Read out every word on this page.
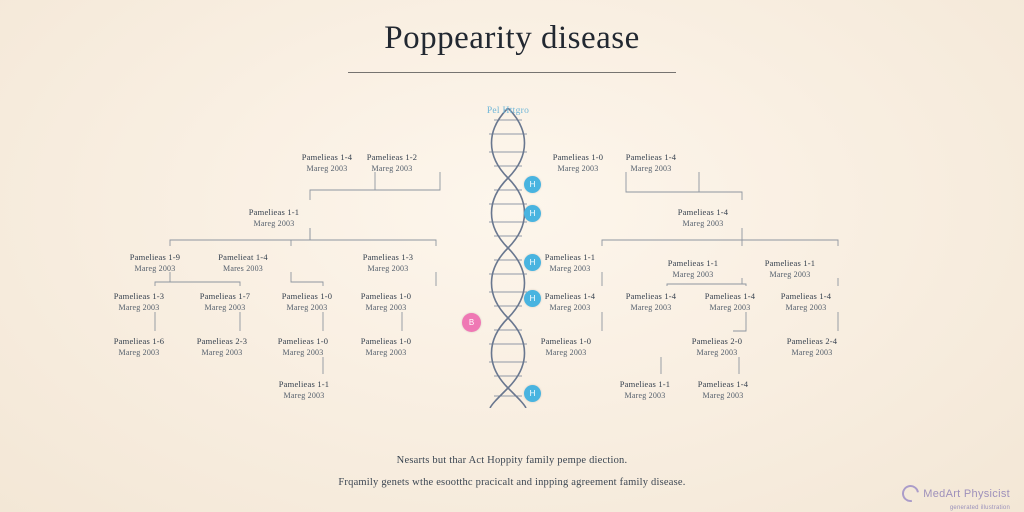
Poppearity disease
Pel Httgro
H
H
H
H
B
H
Pamelieas 1-4
Mareg 2003
Pamelieas 1-2
Mareg 2003
Pamelieas 1-0
Mareg 2003
Pamelieas 1-4
Mareg 2003
Pamelieas 1-1
Mareg 2003
Pamelieas 1-4
Mareg 2003
Pamelieas 1-9
Mareg 2003
Pamelieat 1-4
Mares 2003
Pamelieas 1-3
Mareg 2003
Pamelieas 1-1
Mareg 2003
Pamelieas 1-1
Mareg 2003
Pamelieas 1-1
Mareg 2003
Pamelieas 1-3
Mareg 2003
Pamelieas 1-7
Mareg 2003
Pamelieas 1-0
Mareg 2003
Pamelieas 1-0
Mareg 2003
Pamelieas 1-4
Mareg 2003
Pamelieas 1-4
Mareg 2003
Pamelieas 1-4
Mareg 2003
Pamelieas 1-4
Mareg 2003
Pamelieas 1-6
Mareg 2003
Pamelieas 2-3
Mareg 2003
Pamelieas 1-0
Mareg 2003
Pamelieas 1-0
Mareg 2003
Pamelieas 1-0
Mareg 2003
Pamelieas 2-0
Mareg 2003
Pamelieas 2-4
Mareg 2003
Pamelieas 1-1
Mareg 2003
Pamelieas 1-1
Mareg 2003
Pamelieas 1-4
Mareg 2003
Nesarts but thar Act Hoppity family pempe diection.
Frqamily genets wthe esootthc pracicalt and inpping agreement family disease.
MedArt Physicist
generated illustration
